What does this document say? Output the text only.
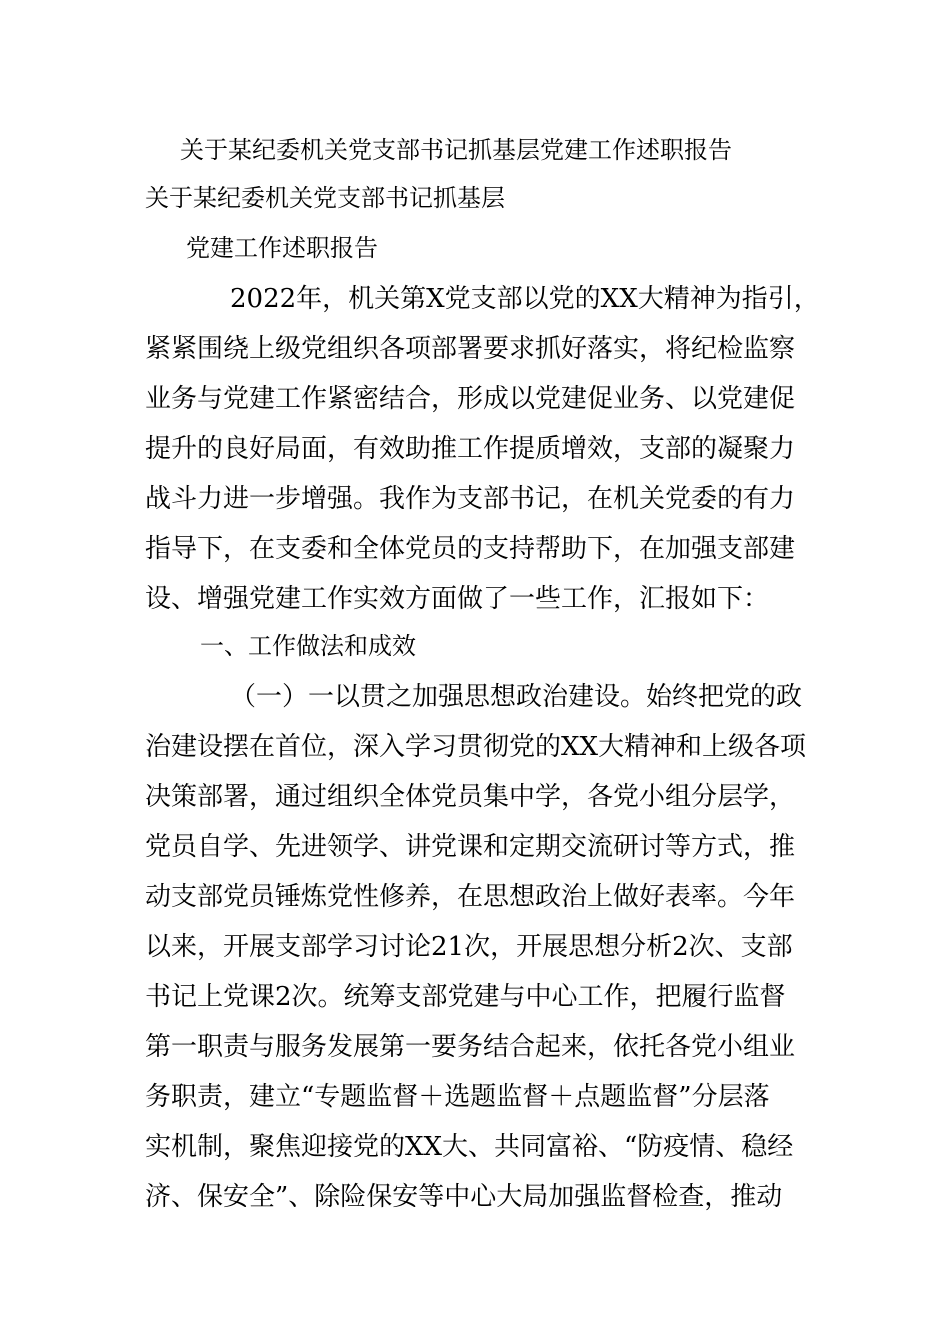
关于某纪委机关党支部书记抓基层党建工作述职报告

关于某纪委机关党支部书记抓基层

党建工作述职报告

2022年，机关第X党支部以党的XX大精神为指引，

紧紧围绕上级党组织各项部署要求抓好落实，将纪检监察

业务与党建工作紧密结合，形成以党建促业务、以党建促

提升的良好局面，有效助推工作提质增效，支部的凝聚力

战斗力进一步增强。我作为支部书记，在机关党委的有力

指导下，在支委和全体党员的支持帮助下，在加强支部建

设、增强党建工作实效方面做了一些工作，汇报如下：

一、工作做法和成效

（一）一以贯之加强思想政治建设。始终把党的政

治建设摆在首位，深入学习贯彻党的XX大精神和上级各项

决策部署，通过组织全体党员集中学，各党小组分层学，

党员自学、先进领学、讲党课和定期交流研讨等方式，推

动支部党员锤炼党性修养，在思想政治上做好表率。今年

以来，开展支部学习讨论21次，开展思想分析2次、支部

书记上党课2次。统筹支部党建与中心工作，把履行监督

第一职责与服务发展第一要务结合起来，依托各党小组业

务职责，建立“专题监督＋选题监督＋点题监督”分层落

实机制，聚焦迎接党的XX大、共同富裕、“防疫情、稳经

济、保安全”、除险保安等中心大局加强监督检查，推动
